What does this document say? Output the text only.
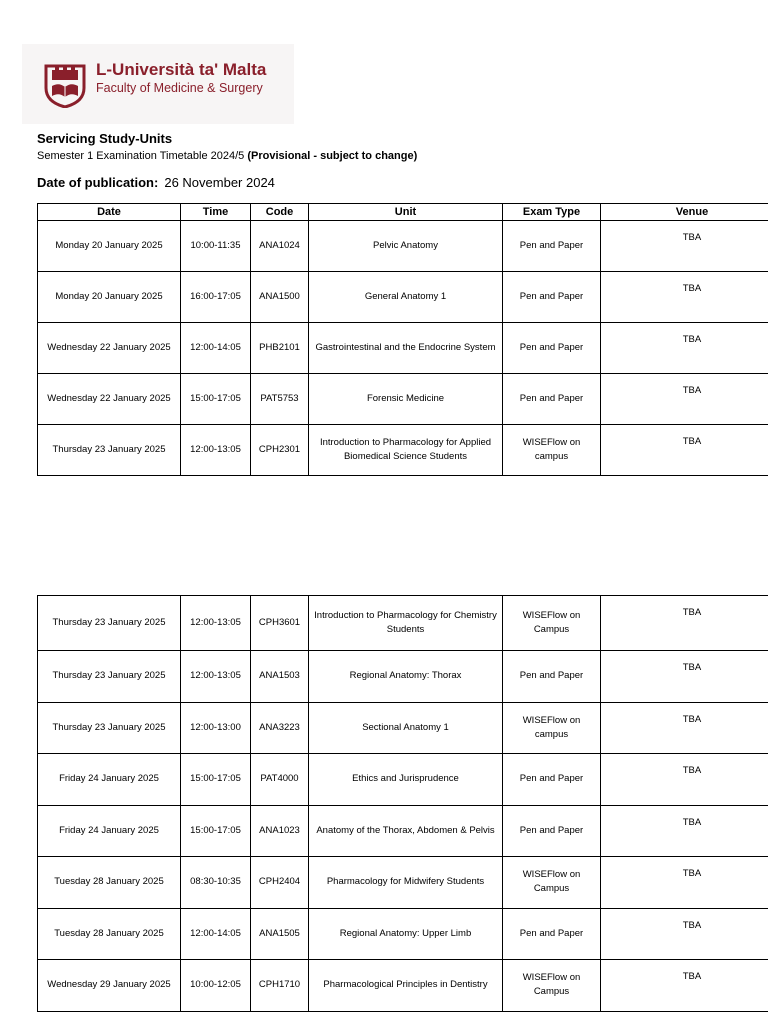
L-Università ta' Malta
Faculty of Medicine & Surgery
Servicing Study-Units
Semester 1 Examination Timetable 2024/5 (Provisional - subject to change)
Date of publication: 26 November 2024
Date	Time	Code	Unit	Exam Type	Venue
Monday 20 January 2025	10:00-11:35	ANA1024	Pelvic Anatomy	Pen and Paper	TBA
Monday 20 January 2025	16:00-17:05	ANA1500	General Anatomy 1	Pen and Paper	TBA
Wednesday 22 January 2025	12:00-14:05	PHB2101	Gastrointestinal and the Endocrine System	Pen and Paper	TBA
Wednesday 22 January 2025	15:00-17:05	PAT5753	Forensic Medicine	Pen and Paper	TBA
Thursday 23 January 2025	12:00-13:05	CPH2301	Introduction to Pharmacology for Applied Biomedical Science Students	WISEFlow on campus	TBA
Thursday 23 January 2025	12:00-13:05	CPH3601	Introduction to Pharmacology for Chemistry Students	WISEFlow on Campus	TBA
Thursday 23 January 2025	12:00-13:05	ANA1503	Regional Anatomy: Thorax	Pen and Paper	TBA
Thursday 23 January 2025	12:00-13:00	ANA3223	Sectional Anatomy 1	WISEFlow on campus	TBA
Friday 24 January 2025	15:00-17:05	PAT4000	Ethics and Jurisprudence	Pen and Paper	TBA
Friday 24 January 2025	15:00-17:05	ANA1023	Anatomy of the Thorax, Abdomen & Pelvis	Pen and Paper	TBA
Tuesday 28 January 2025	08:30-10:35	CPH2404	Pharmacology for Midwifery Students	WISEFlow on Campus	TBA
Tuesday 28 January 2025	12:00-14:05	ANA1505	Regional Anatomy: Upper Limb	Pen and Paper	TBA
Wednesday 29 January 2025	10:00-12:05	CPH1710	Pharmacological Principles in Dentistry	WISEFlow on Campus	TBA
